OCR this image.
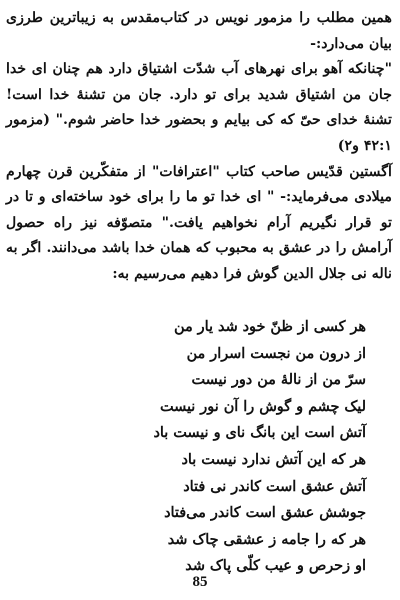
همین مطلب را مزمور نویس در کتاب‌مقدس به زیباترین طرزی بیان می‌دارد:-

"چنانکه آهو برای نهرهای آب شدّت اشتیاق دارد هم چنان ای خدا جان من اشتیاق شدید برای تو دارد. جان من تشنهٔ خدا است! تشنهٔ خدای حیّ که کی بیایم و بحضور خدا حاضر شوم." (مزمور ۴۲:۱ و۲)

آگستین قدّیس صاحب کتاب "اعترافات" از متفکّرین قرن چهارم میلادی می‌فرماید:- " ای خدا تو ما را برای خود ساخته‌ای و تا در تو قرار نگیریم آرام نخواهیم یافت." متصوّفه نیز راه حصول آرامش را در عشق به محبوب که همان خدا باشد می‌دانند. اگر به ناله نی جلال الدین گوش فرا دهیم می‌رسیم به:

هر کسی از ظنّ خود شد یار من
از درون من نجست اسرار من
سرّ من از نالهٔ من دور نیست
لیک چشم و گوش را آن نور نیست
آتش است این بانگ نای و نیست باد
هر که این آتش ندارد نیست باد
آتش عشق است کاندر نی فتاد
جوشش عشق است کاندر می‌فتاد
هر که را جامه ز عشقی چاک شد
او زحرص و عیب کلّی پاک شد
85
